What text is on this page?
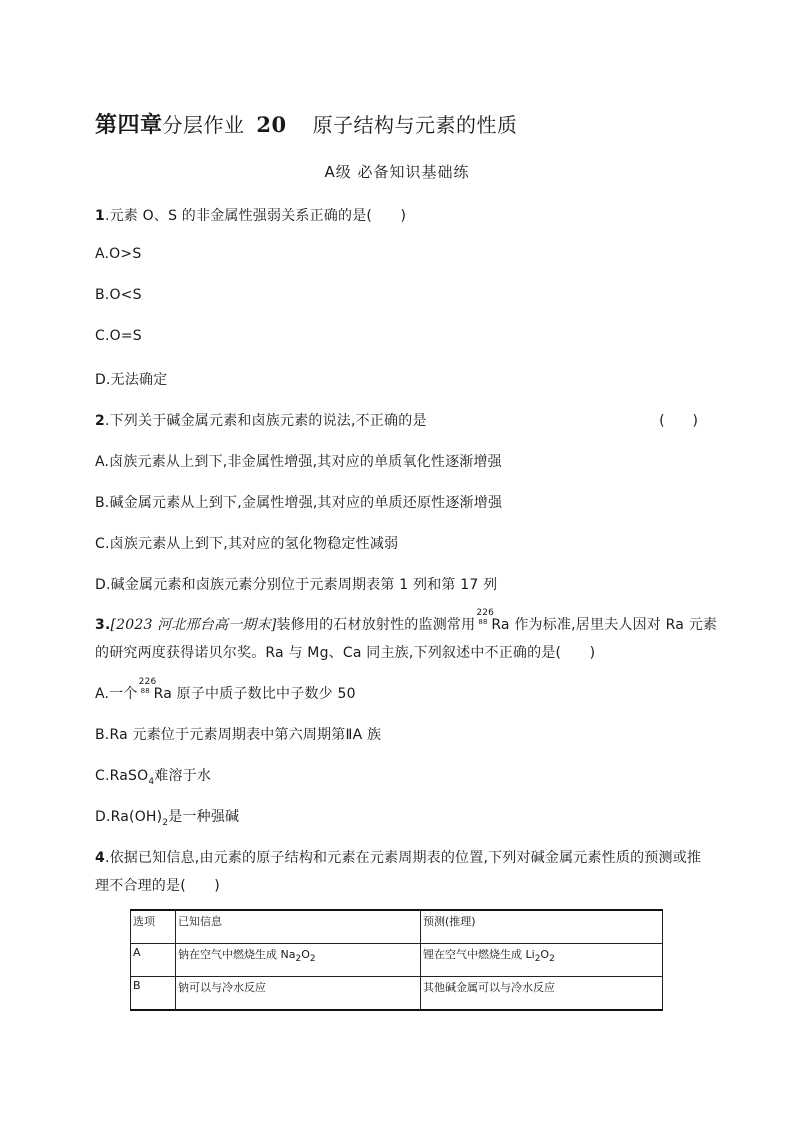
第四章分层作业 20 原子结构与元素的性质
A级 必备知识基础练
1.元素 O、S 的非金属性强弱关系正确的是(　　)
A.O>S
B.O<S
C.O=S
D.无法确定
2.下列关于碱金属元素和卤族元素的说法,不正确的是	(　　)
A.卤族元素从上到下,非金属性增强,其对应的单质氧化性逐渐增强
B.碱金属元素从上到下,金属性增强,其对应的单质还原性逐渐增强
C.卤族元素从上到下,其对应的氢化物稳定性减弱
D.碱金属元素和卤族元素分别位于元素周期表第 1 列和第 17 列
3.[2023 河北邢台高一期末]装修用的石材放射性的监测常用
226
88 Ra 作为标准,居里夫人因对 Ra 元素
的研究两度获得诺贝尔奖。Ra 与 Mg、Ca 同主族,下列叙述中不正确的是(　　)
A.一个
226
88 Ra 原子中质子数比中子数少 50
B.Ra 元素位于元素周期表中第六周期第ⅡA 族
C.RaSO$_4$难溶于水
$D.Ra(OH)_2$是一种强碱
4.依据已知信息,由元素的原子结构和元素在元素周期表的位置,下列对碱金属元素性质的预测或推
理不合理的是(　　)
选项	已知信息	预测(推理)
A	钠在空气中燃烧生成 $Na_2O_2$	锂在空气中燃烧生成 $Li_2O_2$
B	钠可以与冷水反应	其他碱金属可以与冷水反应
